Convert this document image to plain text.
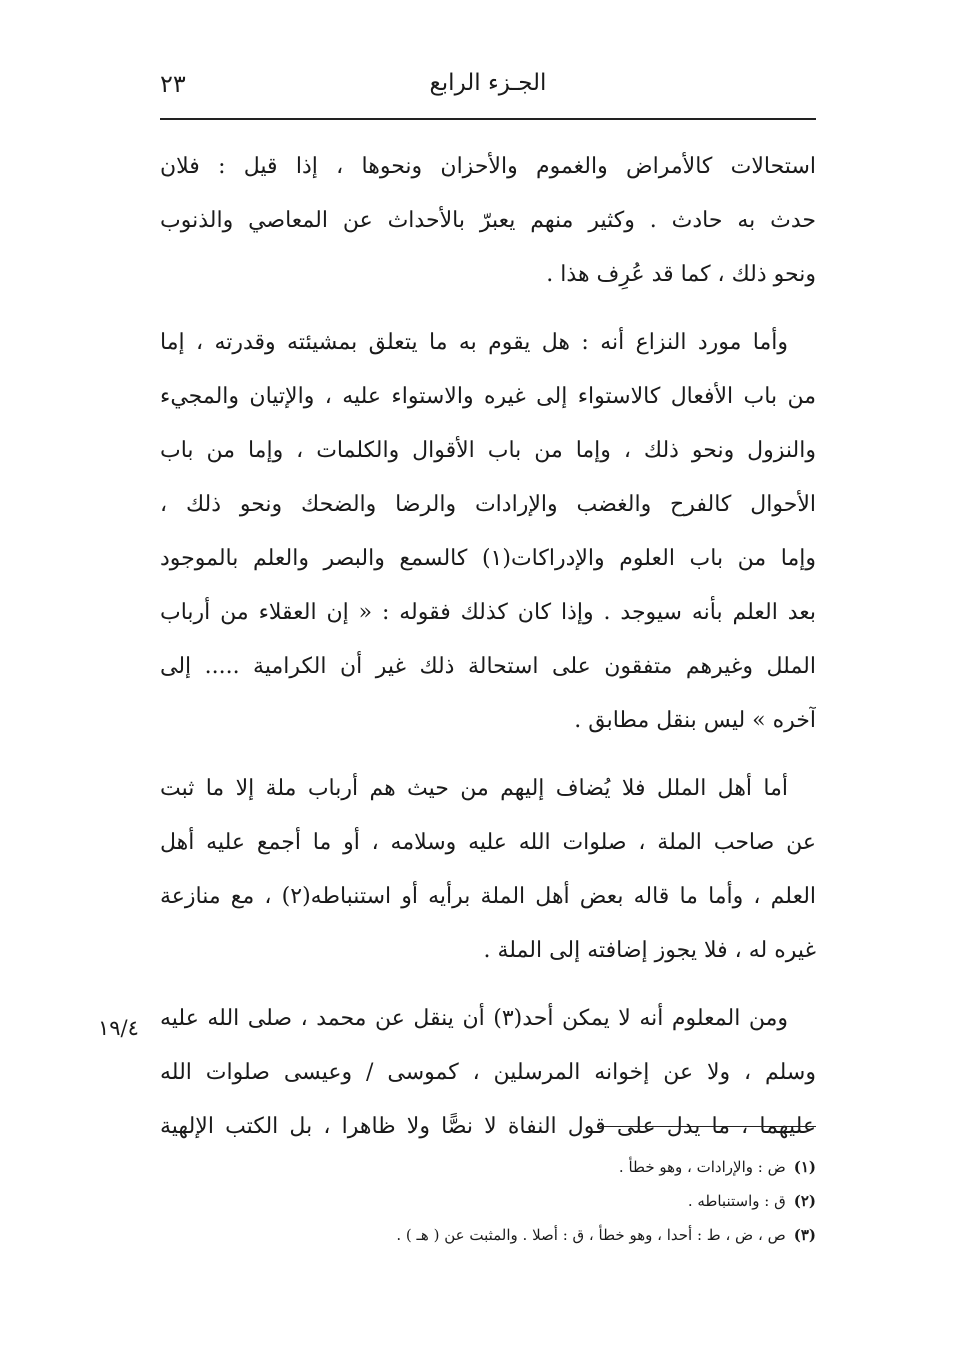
٢٣	الجـزء الرابع
استحالات كالأمراض والغموم والأحزان ونحوها ، إذا قيل : فلان
حدث به حادث . وكثير منهم يعبرّ بالأحداث عن المعاصي والذنوب
ونحو ذلك ، كما قد عُرِف هذا .
وأما مورد النزاع أنه : هل يقوم به ما يتعلق بمشيئته وقدرته ، إما
من باب الأفعال كالاستواء إلى غيره والاستواء عليه ، والإتيان والمجيء
والنزول ونحو ذلك ، وإما من باب الأقوال والكلمات ، وإما من باب
الأحوال كالفرح والغضب والإرادات والرضا والضحك ونحو ذلك ،
وإما من باب العلوم والإدراكات(١) كالسمع والبصر والعلم بالموجود
بعد العلم بأنه سيوجد . وإذا كان كذلك فقوله : « إن العقلاء من أرباب
الملل وغيرهم متفقون على استحالة ذلك غير أن الكرامية ..... إلى
آخره » ليس بنقل مطابق .
أما أهل الملل فلا يُضاف إليهم من حيث هم أرباب ملة إلا ما ثبت
عن صاحب الملة ، صلوات الله عليه وسلامه ، أو ما أجمع عليه أهل
العلم ، وأما ما قاله بعض أهل الملة برأيه أو استنباطه(٢) ، مع منازعة
غيره له ، فلا يجوز إضافته إلى الملة .
ومن المعلوم أنه لا يمكن أحد(٣) أن ينقل عن محمد ، صلى الله عليه
وسلم ، ولا عن إخوانه المرسلين ، كموسى / وعيسى صلوات الله
عليهما ، ما يدل على قول النفاة لا نصًّا ولا ظاهرا ، بل الكتب الإلهية
١٩/٤
(١)ض : والإرادات ، وهو خطأ .
(٢)ق : واستنباطه .
(٣)ص ، ض ، ط : أحدا ، وهو خطأ ، ق : أصلا . والمثبت عن ( هـ ) .
